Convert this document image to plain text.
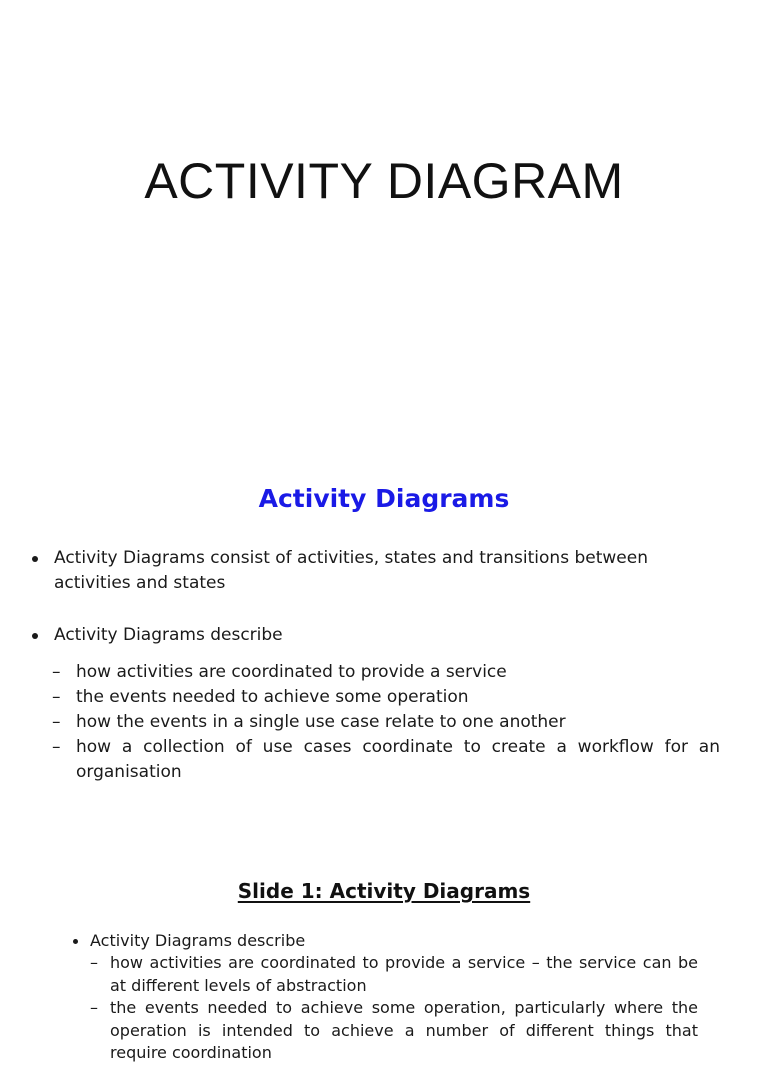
ACTIVITY DIAGRAM
Activity Diagrams

Activity Diagrams consist of activities, states and transitions between activities and states

Activity Diagrams describe

– how activities are coordinated to provide a service
– the events needed to achieve some operation
– how the events in a single use case relate to one another
– how a collection of use cases coordinate to create a workflow for an organisation
Slide 1: Activity Diagrams

Activity Diagrams describe

– how activities are coordinated to provide a service – the service can be at different levels of abstraction
– the events needed to achieve some operation, particularly where the operation is intended to achieve a number of different things that require coordination
